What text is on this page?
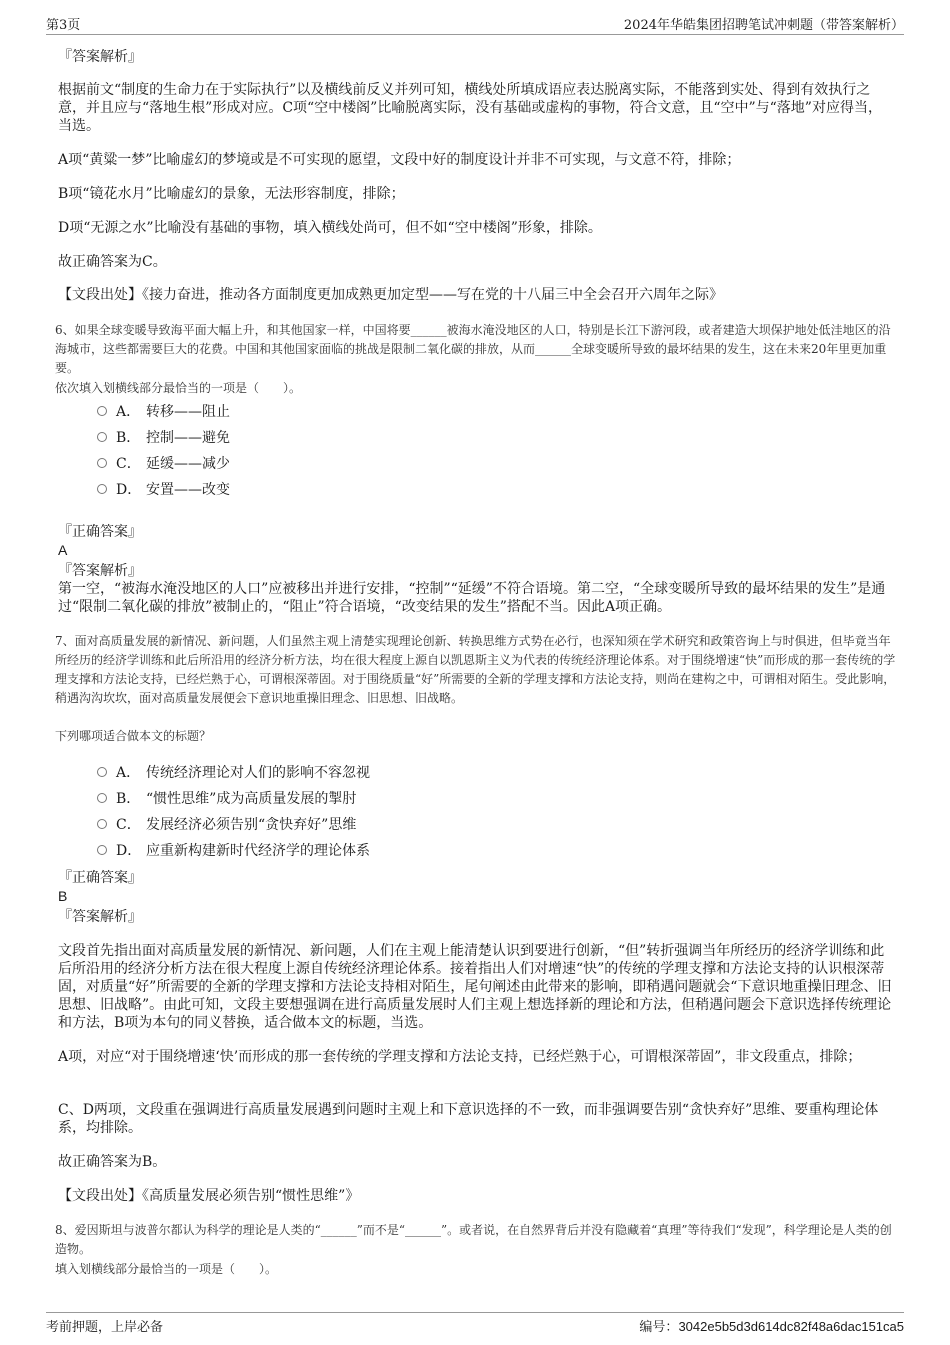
第3页	2024年华皓集团招聘笔试冲刺题（带答案解析）
『答案解析』
根据前文“制度的生命力在于实际执行”以及横线前反义并列可知，横线处所填成语应表达脱离实际，不能落到实处、得到有效执行之意，并且应与“落地生根”形成对应。C项“空中楼阁”比喻脱离实际，没有基础或虚构的事物，符合文意，且“空中”与“落地”对应得当，当选。
A项“黄粱一梦”比喻虚幻的梦境或是不可实现的愿望，文段中好的制度设计并非不可实现，与文意不符，排除；
B项“镜花水月”比喻虚幻的景象，无法形容制度，排除；
D项“无源之水”比喻没有基础的事物，填入横线处尚可，但不如“空中楼阁”形象，排除。
故正确答案为C。
【文段出处】《接力奋进，推动各方面制度更加成熟更加定型——写在党的十八届三中全会召开六周年之际》
6、如果全球变暖导致海平面大幅上升，和其他国家一样，中国将要______被海水淹没地区的人口，特别是长江下游河段，或者建造大坝保护地处低洼地区的沿海城市，这些都需要巨大的花费。中国和其他国家面临的挑战是限制二氧化碳的排放，从而______全球变暖所导致的最坏结果的发生，这在未来20年里更加重要。
依次填入划横线部分最恰当的一项是（　　）。
A． 转移——阻止
B． 控制——避免
C． 延缓——减少
D． 安置——改变
『正确答案』
A
『答案解析』
第一空，“被海水淹没地区的人口”应被移出并进行安排，“控制”“延缓”不符合语境。第二空，“全球变暖所导致的最坏结果的发生”是通过“限制二氧化碳的排放”被制止的，“阻止”符合语境，“改变结果的发生”搭配不当。因此A项正确。
7、面对高质量发展的新情况、新问题，人们虽然主观上清楚实现理论创新、转换思维方式势在必行，也深知须在学术研究和政策咨询上与时俱进，但毕竟当年所经历的经济学训练和此后所沿用的经济分析方法，均在很大程度上源自以凯恩斯主义为代表的传统经济理论体系。对于围绕增速“快”而形成的那一套传统的学理支撑和方法论支持，已经烂熟于心，可谓根深蒂固。对于围绕质量“好”所需要的全新的学理支撑和方法论支持，则尚在建构之中，可谓相对陌生。受此影响，稍遇沟沟坎坎，面对高质量发展便会下意识地重操旧理念、旧思想、旧战略。
下列哪项适合做本文的标题？
A． 传统经济理论对人们的影响不容忽视
B． “惯性思维”成为高质量发展的掣肘
C． 发展经济必须告别“贪快弃好”思维
D． 应重新构建新时代经济学的理论体系
『正确答案』
B
『答案解析』
文段首先指出面对高质量发展的新情况、新问题，人们在主观上能清楚认识到要进行创新，“但”转折强调当年所经历的经济学训练和此后所沿用的经济分析方法在很大程度上源自传统经济理论体系。接着指出人们对增速“快”的传统的学理支撑和方法论支持的认识根深蒂固，对质量“好”所需要的全新的学理支撑和方法论支持相对陌生，尾句阐述由此带来的影响，即稍遇问题就会“下意识地重操旧理念、旧思想、旧战略”。由此可知，文段主要想强调在进行高质量发展时人们主观上想选择新的理论和方法，但稍遇问题会下意识选择传统理论和方法，B项为本句的同义替换，适合做本文的标题，当选。
A项，对应“对于围绕增速‘快’而形成的那一套传统的学理支撑和方法论支持，已经烂熟于心，可谓根深蒂固”，非文段重点，排除；
C、D两项，文段重在强调进行高质量发展遇到问题时主观上和下意识选择的不一致，而非强调要告别“贪快弃好”思维、要重构理论体系，均排除。
故正确答案为B。
【文段出处】《高质量发展必须告别“惯性思维”》
8、爱因斯坦与波普尔都认为科学的理论是人类的“______”而不是“______”。或者说，在自然界背后并没有隐藏着“真理”等待我们“发现”，科学理论是人类的创造物。
填入划横线部分最恰当的一项是（　　）。
考前押题，上岸必备	编号：3042e5b5d3d614dc82f48a6dac151ca5
